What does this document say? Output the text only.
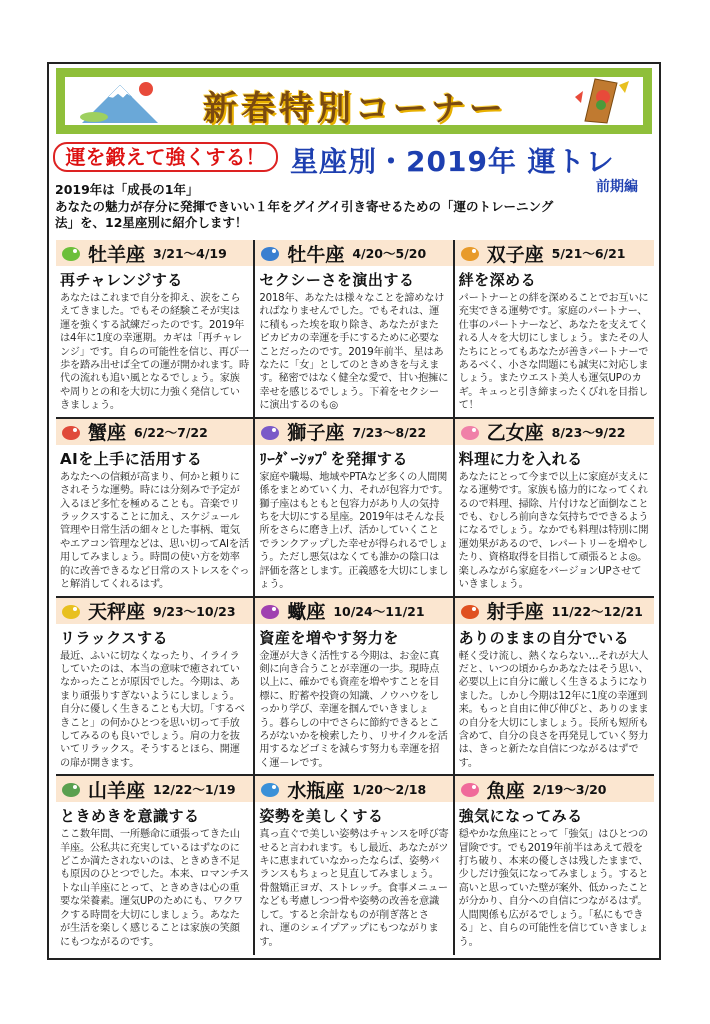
新春特別コーナー
運を鍛えて強くする！ 星座別・2019年 運トレ
前期編
2019年は「成長の1年」
あなたの魅力が存分に発揮できいい１年をグイグイ引き寄せるための「運のトレーニング
法」を、12星座別に紹介します！
牡羊座 3/21〜4/19
再チャレンジする
あなたはこれまで自分を抑え、涙をこらえてきました。でもその経験こそが実は運を強くする試練だったのです。2019年は4年に1度の幸運期。カギは「再チャレンジ」です。自らの可能性を信じ、再び一歩を踏み出せば全ての運が開かれます。時代の流れも追い風となるでしょう。家族や周りとの和を大切に力強く発信していきましょう。
牡牛座 4/20〜5/20
セクシーさを演出する
2018年、あなたは様々なことを諦めなければなりませんでした。でもそれは、運に積もった埃を取り除き、あなたがまたピカピカの幸運を手にするために必要なことだったのです。2019年前半、星はあなたに「女」としてのときめきを与えます。秘密ではなく健全な愛で、甘い抱擁に幸せを感じるでしょう。下着をセクシーに演出するのも◎
双子座 5/21〜6/21
絆を深める
パートナーとの絆を深めることでお互いに充実できる運勢です。家庭のパートナー、仕事のパートナーなど、あなたを支えてくれる人々を大切にしましょう。またその人たちにとってもあなたが善きパートナーであるべく、小さな問題にも誠実に対応しましょう。またウエスト美人も運気UPのカギ。キュっと引き締まったくびれを目指して！
蟹座 6/22〜7/22
AIを上手に活用する
あなたへの信頼が高まり、何かと頼りにされそうな運勢。時には分刻みで予定が入るほど多忙を極めることも。音楽でリラックスすることに加え、スケジュール管理や日常生活の細々とした事柄、電気やエアコン管理などは、思い切ってAIを活用してみましょう。時間の使い方を効率的に改善できるなど日常のストレスをぐっと解消してくれるはず。
獅子座 7/23〜8/22
ﾘｰﾀﾞｰｼｯﾌﾟを発揮する
家庭や職場、地域やPTAなど多くの人間関係をまとめていく力、それが包容力です。獅子座はもともと包容力があり人の気持ちを大切にする星座。2019年はそんな長所をさらに磨き上げ、活かしていくことでランクアップした幸せが得られるでしょう。ただし悪気はなくても誰かの陰口は評価を落とします。正義感を大切にしましょう。
乙女座 8/23〜9/22
料理に力を入れる
あなたにとって今まで以上に家庭が支えになる運勢です。家族も協力的になってくれるので料理、掃除、片付けなど面倒なことでも、むしろ前向きな気持ちでできるようになるでしょう。なかでも料理は特別に開運効果があるので、レパートリーを増やしたり、資格取得を目指して頑張るとよ◎。楽しみながら家庭をバージョンUPさせていきましょう。
天秤座 9/23〜10/23
リラックスする
最近、ふいに切なくなったり、イライラしていたのは、本当の意味で癒されていなかったことが原因でした。今期は、あまり頑張りすぎないようにしましょう。自分に優しく生きることも大切。「するべきこと」の何かひとつを思い切って手放してみるのも良いでしょう。肩の力を抜いてリラックス。そうするとほら、開運の扉が開きます。
蠍座 10/24〜11/21
資産を増やす努力を
金運が大きく活性する今期は、お金に真剣に向き合うことが幸運の一歩。現時点以上に、確かでも資産を増やすことを目標に、貯蓄や投資の知識、ノウハウをしっかり学び、幸運を掴んでいきましょう。暮らしの中でさらに節約できるところがないかを検索したり、リサイクルを活用するなどゴミを減らす努力も幸運を招く運－レです。
射手座 11/22〜12/21
ありのままの自分でいる
軽く受け流し、熱くならない…それが大人だと、いつの頃からかあなたはそう思い、必要以上に自分に厳しく生きるようになりました。しかし今期は12年に1度の幸運到来。もっと自由に伸び伸びと、ありのままの自分を大切にしましょう。長所も短所も含めて、自分の良さを再発見していく努力は、きっと新たな自信につながるはずです。
山羊座 12/22〜1/19
ときめきを意識する
ここ数年間、一所懸命に頑張ってきた山羊座。公私共に充実しているはずなのにどこか満たされないのは、ときめき不足も原因のひとつでした。本来、ロマンチストな山羊座にとって、ときめきは心の重要な栄養素。運気UPのためにも、ワクワクする時間を大切にしましょう。あなたが生活を楽しく感じることは家族の笑顔にもつながるのです。
水瓶座 1/20〜2/18
姿勢を美しくする
真っ直ぐで美しい姿勢はチャンスを呼び寄せると言われます。もし最近、あなたがツキに恵まれていなかったならば、姿勢バランスもちょっと見直してみましょう。骨盤矯正ヨガ、ストレッチ。食事メニューなども考慮しつつ骨や姿勢の改善を意識して。すると余計なものが削ぎ落とされ、運のシェイプアップにもつながります。
魚座 2/19〜3/20
強気になってみる
穏やかな魚座にとって「強気」はひとつの冒険です。でも2019年前半はあえて殻を打ち破り、本来の優しさは残したままで、少しだけ強気になってみましょう。すると高いと思っていた壁が案外、低かったことが分かり、自分への自信につながるはず。人間関係も広がるでしょう。「私にもできる」と、自らの可能性を信じていきましょう。
